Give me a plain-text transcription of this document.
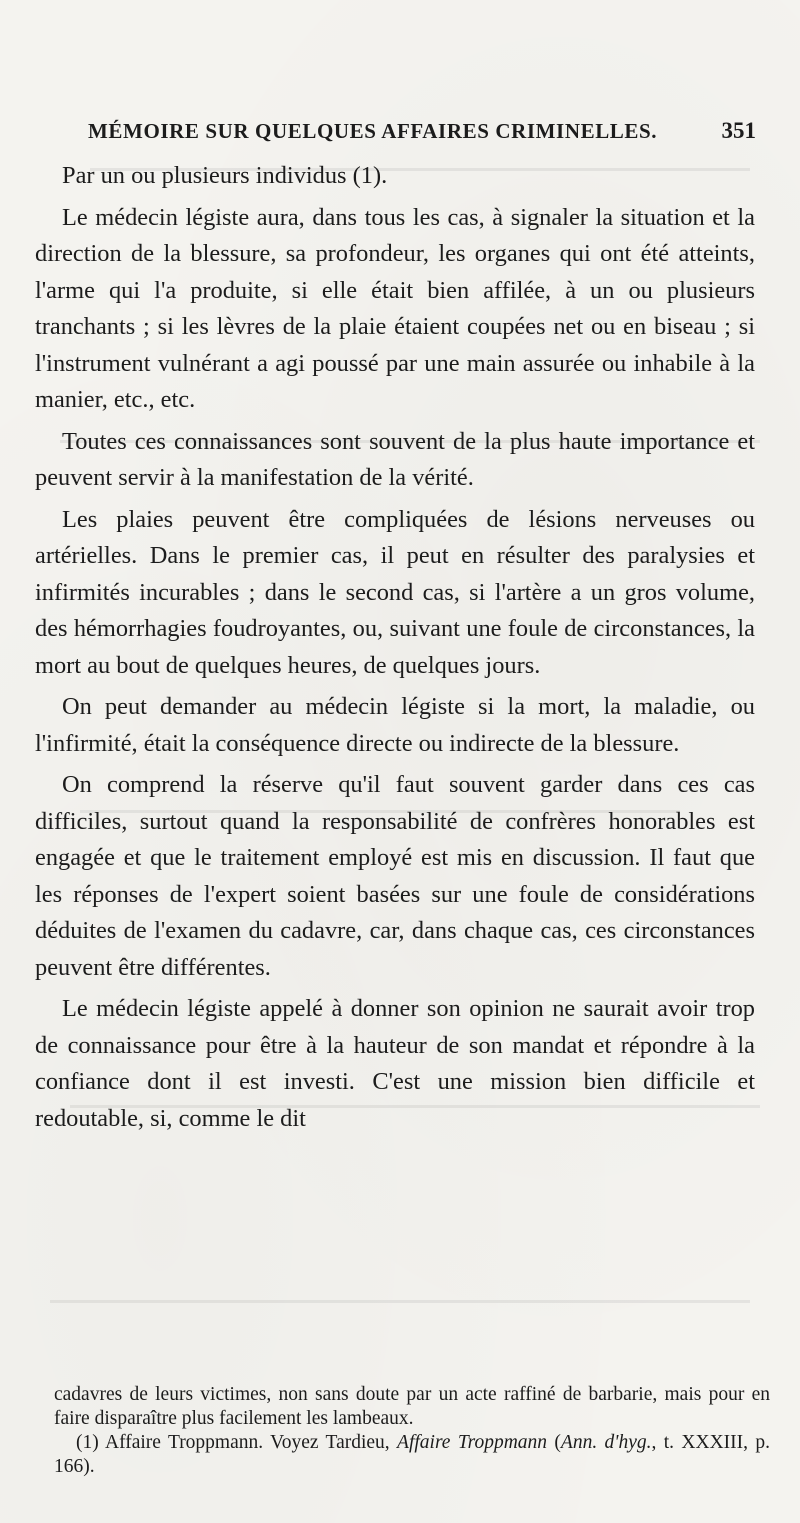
MÉMOIRE SUR QUELQUES AFFAIRES CRIMINELLES.	351

Par un ou plusieurs individus (1).

Le médecin légiste aura, dans tous les cas, à signaler la situation et la direction de la blessure, sa profondeur, les organes qui ont été atteints, l'arme qui l'a produite, si elle était bien affilée, à un ou plusieurs tranchants ; si les lèvres de la plaie étaient coupées net ou en biseau ; si l'instrument vulnérant a agi poussé par une main assurée ou inhabile à la manier, etc., etc.

Toutes ces connaissances sont souvent de la plus haute importance et peuvent servir à la manifestation de la vérité.

Les plaies peuvent être compliquées de lésions nerveuses ou artérielles. Dans le premier cas, il peut en résulter des paralysies et infirmités incurables ; dans le second cas, si l'artère a un gros volume, des hémorrhagies foudroyantes, ou, suivant une foule de circonstances, la mort au bout de quelques heures, de quelques jours.

On peut demander au médecin légiste si la mort, la maladie, ou l'infirmité, était la conséquence directe ou indirecte de la blessure.

On comprend la réserve qu'il faut souvent garder dans ces cas difficiles, surtout quand la responsabilité de confrères honorables est engagée et que le traitement employé est mis en discussion. Il faut que les réponses de l'expert soient basées sur une foule de considérations déduites de l'examen du cadavre, car, dans chaque cas, ces circonstances peuvent être différentes.

Le médecin légiste appelé à donner son opinion ne saurait avoir trop de connaissance pour être à la hauteur de son mandat et répondre à la confiance dont il est investi. C'est une mission bien difficile et redoutable, si, comme le dit

cadavres de leurs victimes, non sans doute par un acte raffiné de barbarie, mais pour en faire disparaître plus facilement les lambeaux.

(1) Affaire Troppmann. Voyez Tardieu, Affaire Troppmann (Ann. d'hyg., t. XXXIII, p. 166).
